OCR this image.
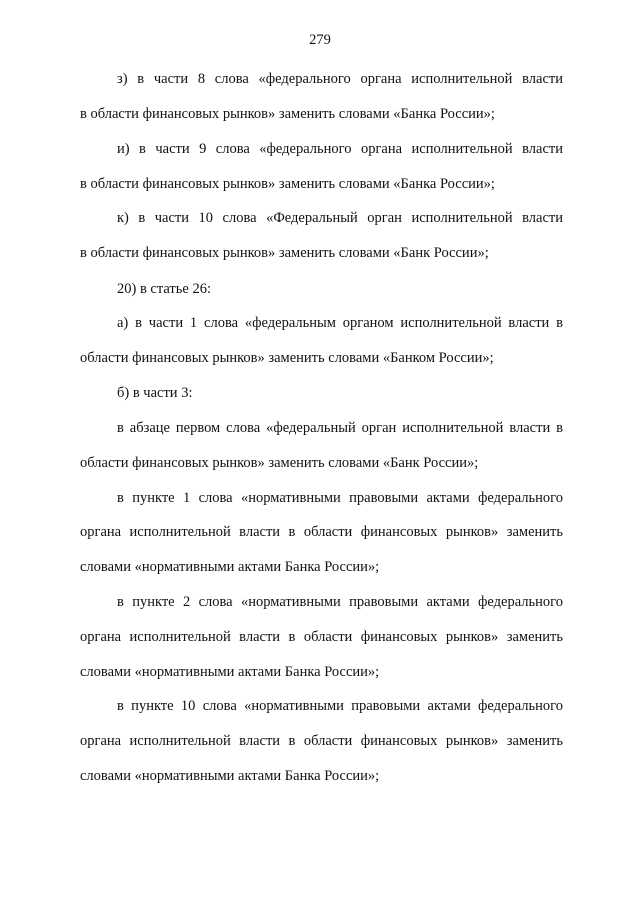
279
з) в части 8 слова «федерального органа исполнительной власти
в области финансовых рынков» заменить словами «Банка России»;
и) в части 9 слова «федерального органа исполнительной власти
в области финансовых рынков» заменить словами «Банка России»;
к) в части 10 слова «Федеральный орган исполнительной власти
в области финансовых рынков» заменить словами «Банк России»;
20) в статье 26:
а) в части 1 слова «федеральным органом исполнительной власти в
области финансовых рынков» заменить словами «Банком России»;
б) в части 3:
в абзаце первом слова «федеральный орган исполнительной власти в
области финансовых рынков» заменить словами «Банк России»;
в пункте 1 слова «нормативными правовыми актами федерального
органа исполнительной власти в области финансовых рынков» заменить
словами «нормативными актами Банка России»;
в пункте 2 слова «нормативными правовыми актами федерального
органа исполнительной власти в области финансовых рынков» заменить
словами «нормативными актами Банка России»;
в пункте 10 слова «нормативными правовыми актами федерального
органа исполнительной власти в области финансовых рынков» заменить
словами «нормативными актами Банка России»;
